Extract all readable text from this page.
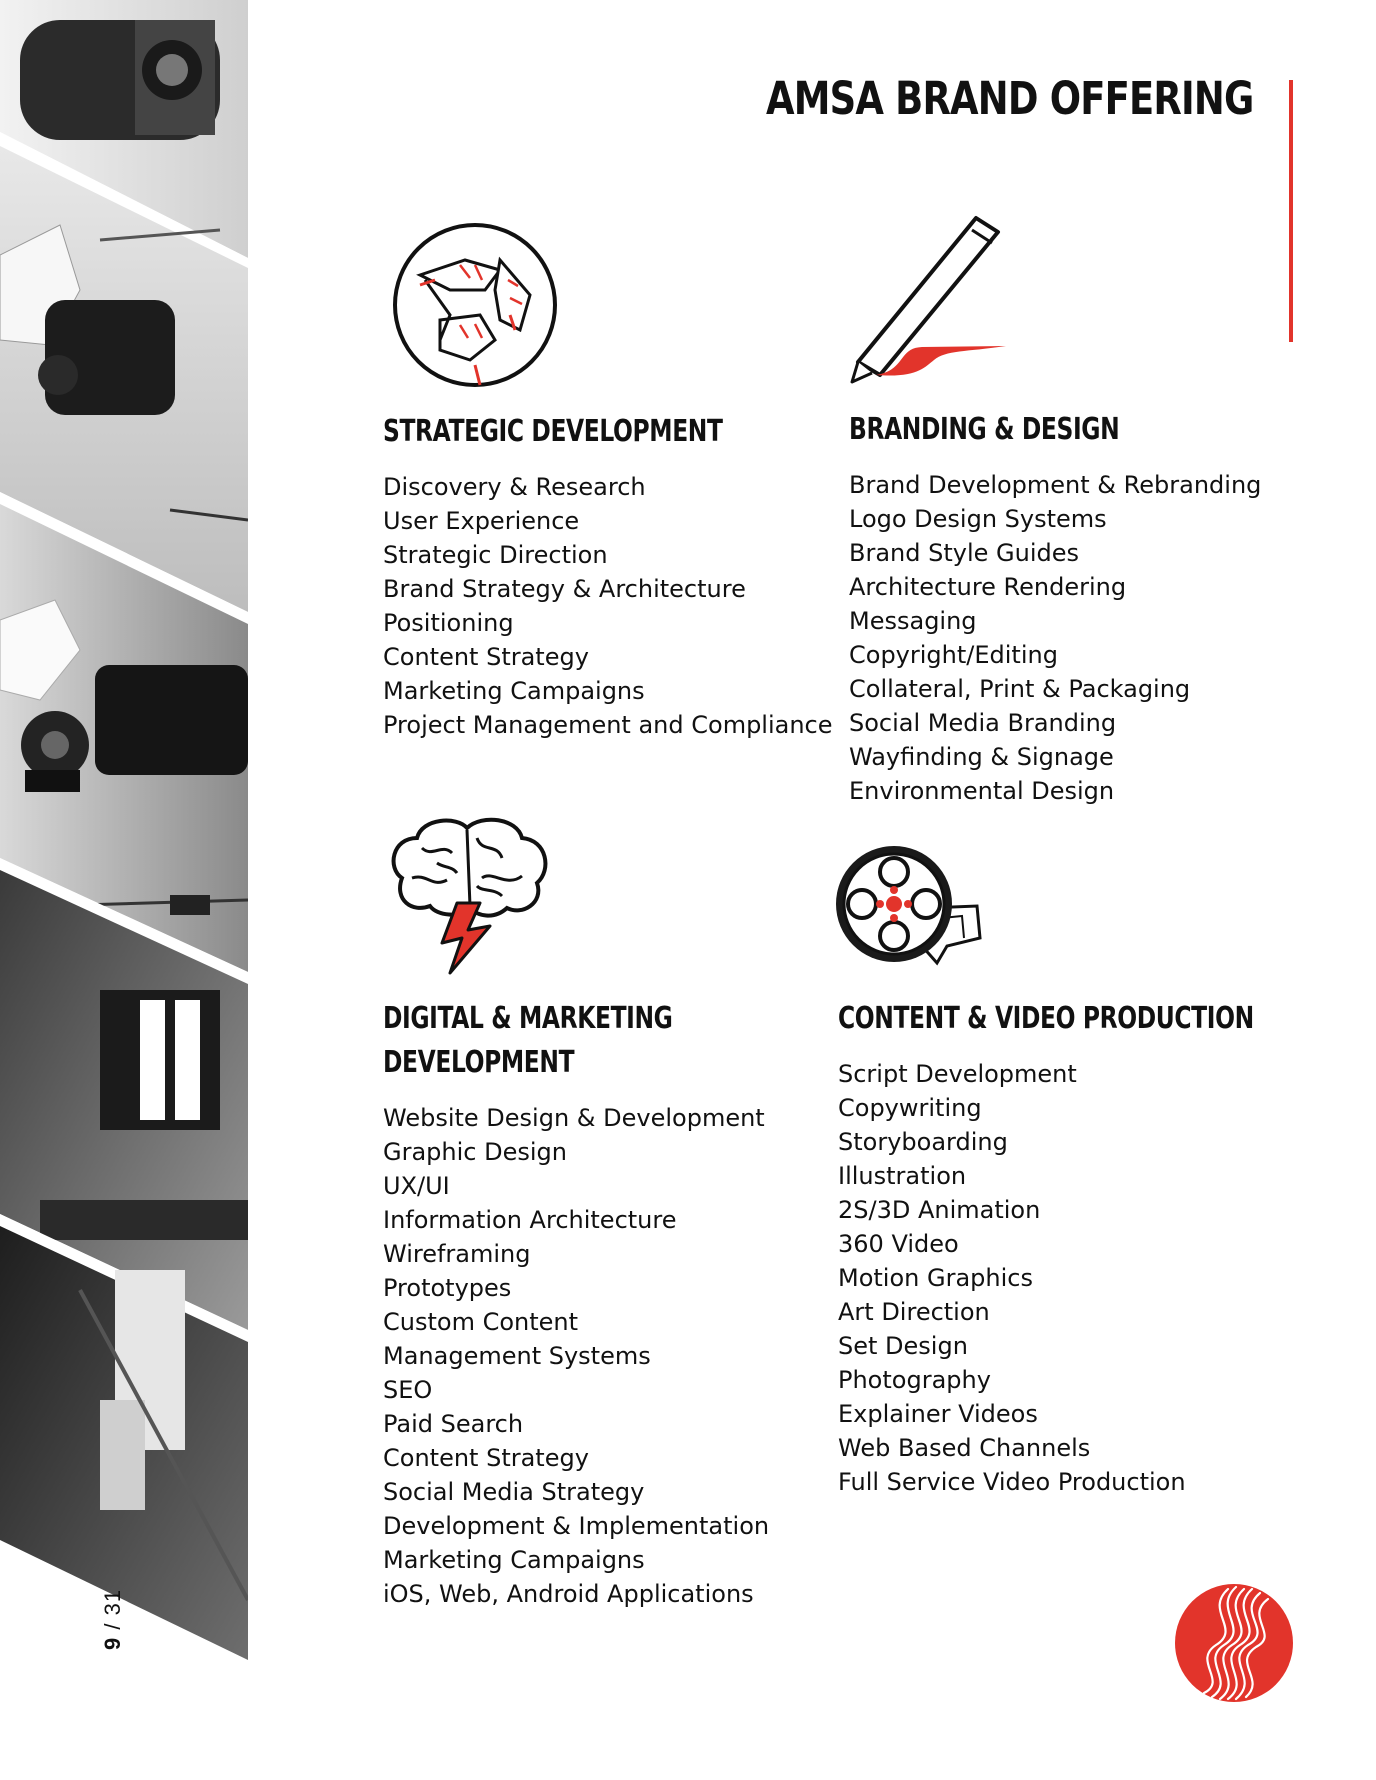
9 / 31
AMSA BRAND OFFERING
STRATEGIC DEVELOPMENT
Discovery & Research
User Experience
Strategic Direction
Brand Strategy & Architecture
Positioning
Content Strategy
Marketing Campaigns
Project Management and Compliance
BRANDING & DESIGN
Brand Development & Rebranding
Logo Design Systems
Brand Style Guides
Architecture Rendering
Messaging
Copyright/Editing
Collateral, Print & Packaging
Social Media Branding
Wayfinding & Signage
Environmental Design
DIGITAL & MARKETING
DEVELOPMENT
Website Design & Development
Graphic Design
UX/UI
Information Architecture
Wireframing
Prototypes
Custom Content
Management Systems
SEO
Paid Search
Content Strategy
Social Media Strategy
Development & Implementation
Marketing Campaigns
iOS, Web, Android Applications
CONTENT & VIDEO PRODUCTION
Script Development
Copywriting
Storyboarding
Illustration
2S/3D Animation
360 Video
Motion Graphics
Art Direction
Set Design
Photography
Explainer Videos
Web Based Channels
Full Service Video Production
